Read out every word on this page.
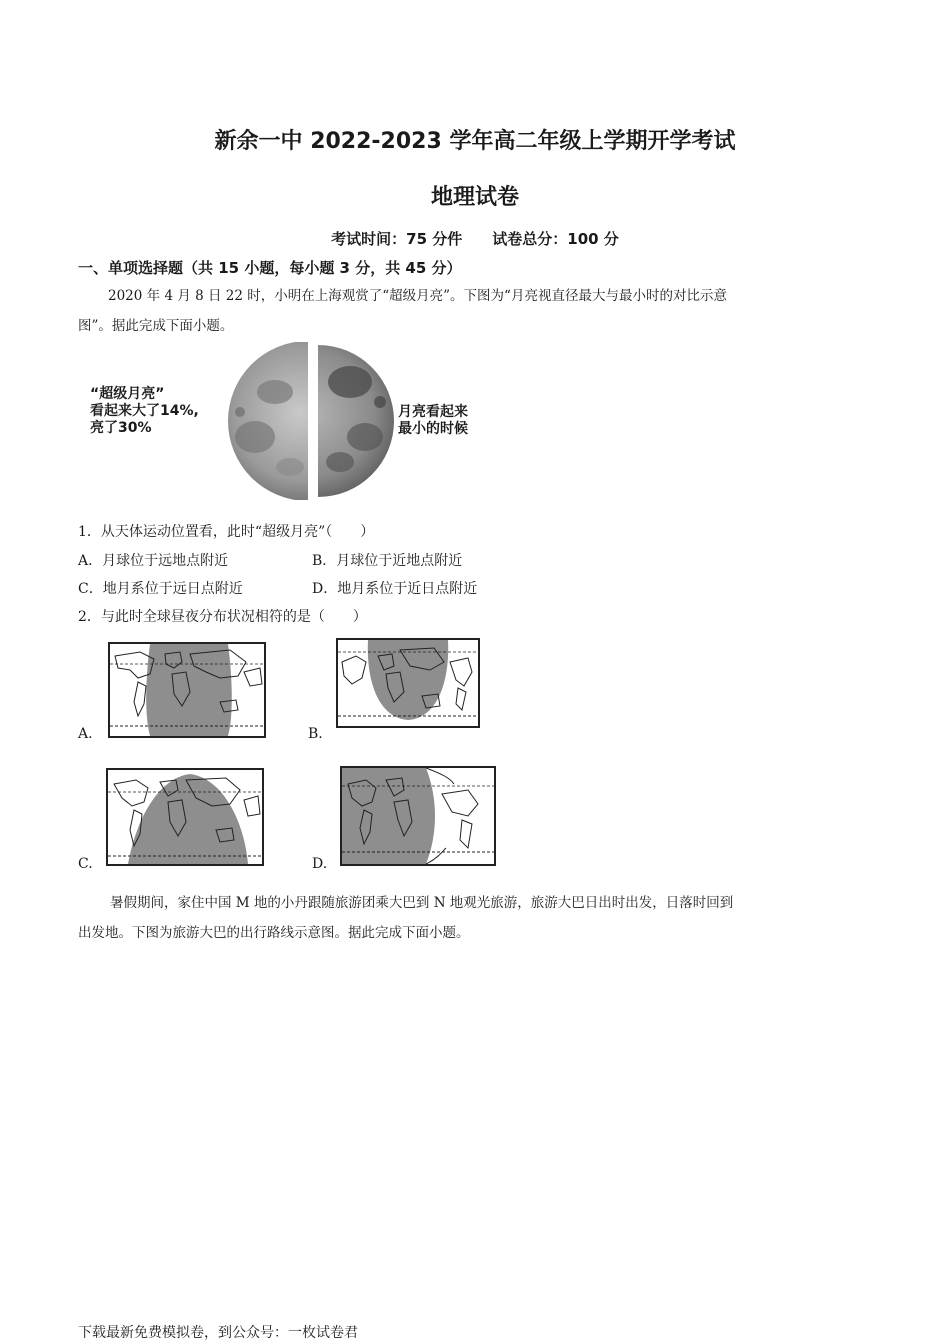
新余一中 2022-2023 学年高二年级上学期开学考试
地理试卷
考试时间：75 分件　　试卷总分：100 分
一、单项选择题（共 15 小题，每小题 3 分，共 45 分）
2020 年 4 月 8 日 22 时，小明在上海观赏了“超级月亮”。下图为“月亮视直径最大与最小时的对比示意
图”。据此完成下面小题。
“超级月亮”
看起来大了14%,
亮了30%
月亮看起来
最小的时候
1．从天体运动位置看，此时“超级月亮”（　　）
A．月球位于远地点附近	B．月球位于近地点附近
C．地月系位于远日点附近	D．地月系位于近日点附近
2．与此时全球昼夜分布状况相符的是（　　）
A.	B.
C.	D.
暑假期间，家住中国 M 地的小丹跟随旅游团乘大巴到 N 地观光旅游，旅游大巴日出时出发，日落时回到
出发地。下图为旅游大巴的出行路线示意图。据此完成下面小题。
下载最新免费模拟卷，到公众号：一枚试卷君
